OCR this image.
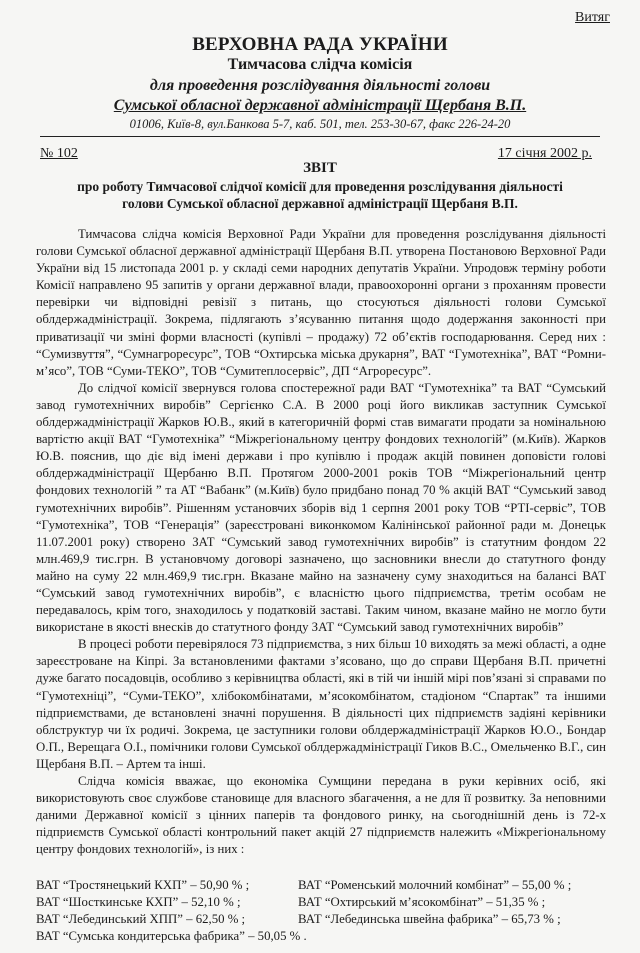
Витяг
ВЕРХОВНА РАДА УКРАЇНИ
Тимчасова слідча комісія
для проведення розслідування діяльності голови
Сумської обласної державної адміністрації Щербаня В.П.
01006, Київ-8, вул.Банкова 5-7, каб. 501, тел. 253-30-67, факс 226-24-20
№ 102	17 січня 2002 р.
ЗВІТ
про роботу Тимчасової слідчої комісії для проведення розслідування діяльності голови Сумської обласної державної адміністрації Щербаня В.П.

Тимчасова слідча комісія Верховної Ради України для проведення розслідування діяльності голови Сумської обласної державної адміністрації Щербаня В.П. утворена Постановою Верховної Ради України від 15 листопада 2001 р. у складі семи народних депутатів України. Упродовж терміну роботи Комісії направлено 95 запитів у органи державної влади, правоохоронні органи з проханням провести перевірки чи відповідні ревізії з питань, що стосуються діяльності голови Сумської облдержадміністрації. Зокрема, підлягають з’ясуванню питання щодо додержання законності при приватизації чи зміні форми власності (купівлі – продажу) 72 об’єктів господарювання. Серед них : “Сумизвуття”, “Сумнагроресурс”, ТОВ “Охтирська міська друкарня”, ВАТ “Гумотехніка”, ВАТ “Ромни-м’ясо”, ТОВ “Суми-ТЕКО”, ТОВ “Сумитеплосервіс”, ДП “Агроресурс”.

До слідчої комісії звернувся голова спостережної ради ВАТ “Гумотехніка” та ВАТ “Сумський завод гумотехнічних виробів” Сергієнко С.А. В 2000 році його викликав заступник Сумської облдержадміністрації Жарков Ю.В., який в категоричній формі став вимагати продати за номінальною вартістю акції ВАТ “Гумотехніка” “Міжрегіональному центру фондових технологій” (м.Київ). Жарков Ю.В. пояснив, що діє від імені держави і про купівлю і продаж акцій повинен доповісти голові облдержадміністрації Щербаню В.П. Протягом 2000-2001 років ТОВ “Міжрегіональний центр фондових технологій ” та АТ “Вабанк” (м.Київ) було придбано понад 70 % акцій ВАТ “Сумський завод гумотехнічних виробів”. Рішенням установчих зборів від 1 серпня 2001 року ТОВ “РТІ-сервіс”, ТОВ “Гумотехніка”, ТОВ “Генерація” (зареєстровані виконкомом Калінінської районної ради м. Донецьк 11.07.2001 року) створено ЗАТ “Сумський завод гумотехнічних виробів” із статутним фондом 22 млн.469,9 тис.грн. В установчому договорі зазначено, що засновники внесли до статутного фонду майно на суму 22 млн.469,9 тис.грн. Вказане майно на зазначену суму знаходиться на балансі ВАТ “Сумський завод гумотехнічних виробів”, є власністю цього підприємства, третім особам не передавалось, крім того, знаходилось у податковій заставі. Таким чином, вказане майно не могло бути використане в якості внесків до статутного фонду ЗАТ “Сумський завод гумотехнічних виробів”

В процесі роботи перевірялося 73 підприємства, з них більш 10 виходять за межі області, а одне зареєстроване на Кіпрі. За встановленими фактами з’ясовано, що до справи Щербаня В.П. причетні дуже багато посадовців, особливо з керівництва області, які в тій чи іншій мірі пов’язані зі справами по “Гумотехніці”, “Суми-ТЕКО”, хлібокомбінатами, м’ясокомбінатом, стадіоном “Спартак” та іншими підприємствами, де встановлені значні порушення. В діяльності цих підприємств задіяні керівники облструктур чи їх родичі. Зокрема, це заступники голови облдержадміністрації Жарков Ю.О., Бондар О.П., Верещага О.І., помічники голови Сумської облдержадміністрації Гиков В.С., Омельченко В.Г., син Щербаня В.П. – Артем та інші.

Слідча комісія вважає, що економіка Сумщини передана в руки керівних осіб, які використовують своє службове становище для власного збагачення, а не для її розвитку. За неповними даними Державної комісії з цінних паперів та фондового ринку, на сьогоднішній день із 72-х підприємств Сумської області контрольний пакет акцій 27 підприємств належить «Міжрегіональному центру фондових технологій», із них :

ВАТ “Тростянецький КХП” – 50,90 % ;	ВАТ “Роменський молочний комбінат” – 55,00 % ;
ВАТ “Шосткинське КХП” – 52,10 % ;	ВАТ “Охтирський м’ясокомбінат” – 51,35 % ;
ВАТ “Лебединський ХПП” – 62,50 % ;	ВАТ “Лебединська швейна фабрика” – 65,73 % ;
ВАТ “Сумська кондитерська фабрика” – 50,05 % .
